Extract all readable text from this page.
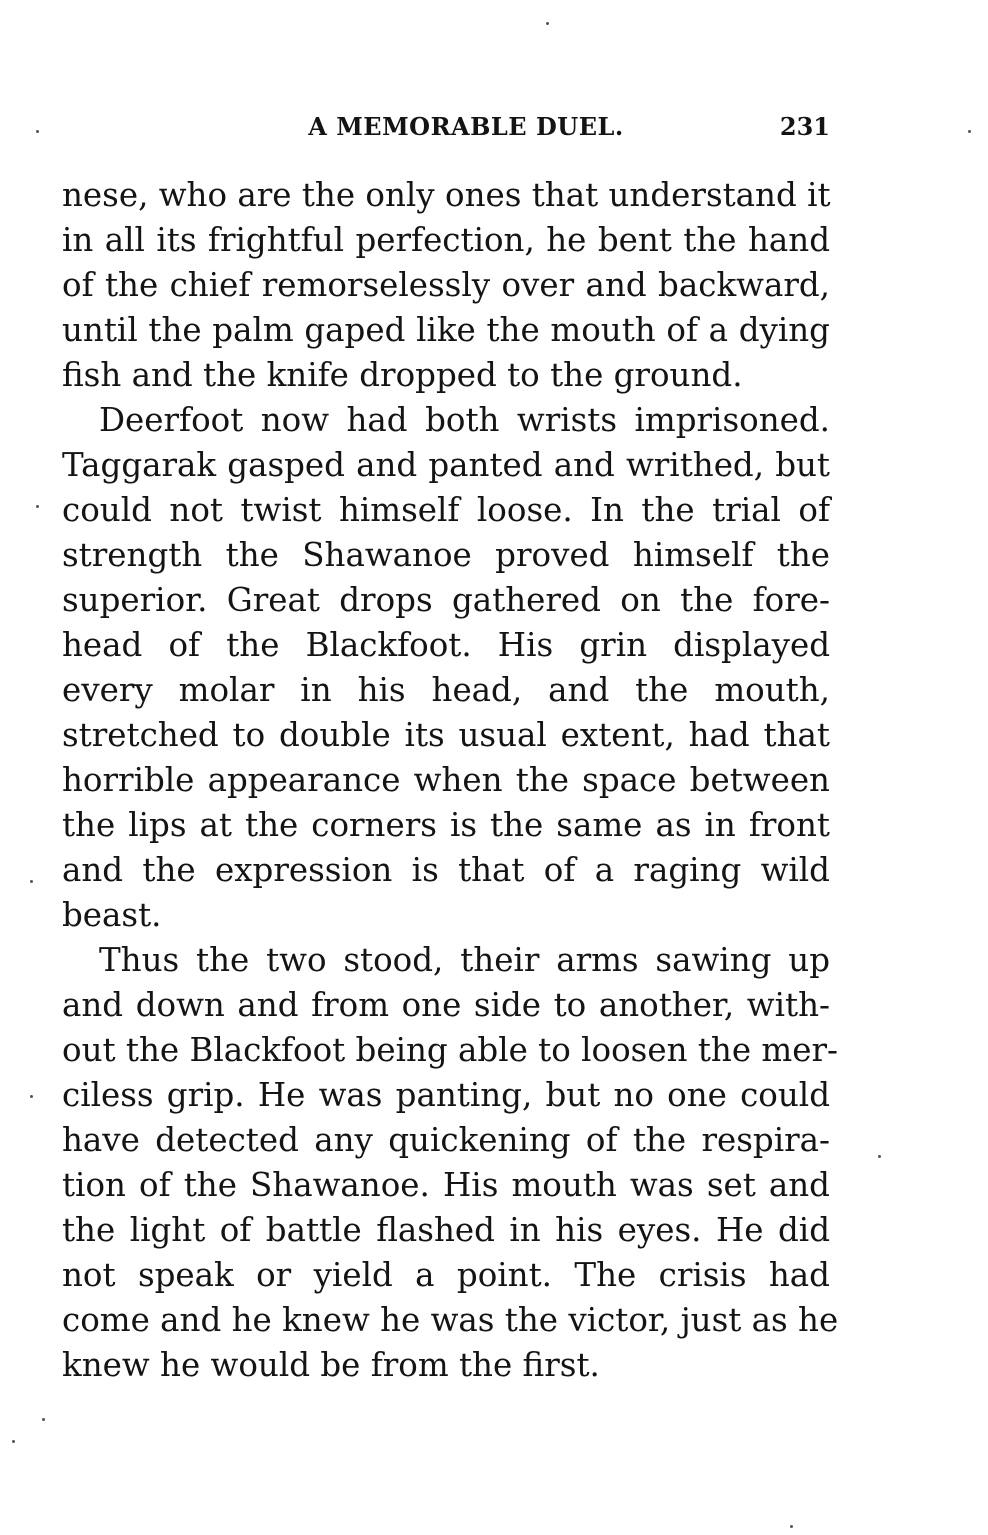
A MEMORABLE DUEL.	231
nese, who are the only ones that understand it
in all its frightful perfection, he bent the hand
of the chief remorselessly over and backward,
until the palm gaped like the mouth of a dying
fish and the knife dropped to the ground.
Deerfoot now had both wrists imprisoned.
Taggarak gasped and panted and writhed, but
could not twist himself loose. In the trial of
strength the Shawanoe proved himself the
superior. Great drops gathered on the fore-
head of the Blackfoot. His grin displayed
every molar in his head, and the mouth,
stretched to double its usual extent, had that
horrible appearance when the space between
the lips at the corners is the same as in front
and the expression is that of a raging wild
beast.
Thus the two stood, their arms sawing up
and down and from one side to another, with-
out the Blackfoot being able to loosen the mer-
ciless grip. He was panting, but no one could
have detected any quickening of the respira-
tion of the Shawanoe. His mouth was set and
the light of battle flashed in his eyes. He did
not speak or yield a point. The crisis had
come and he knew he was the victor, just as he
knew he would be from the first.
